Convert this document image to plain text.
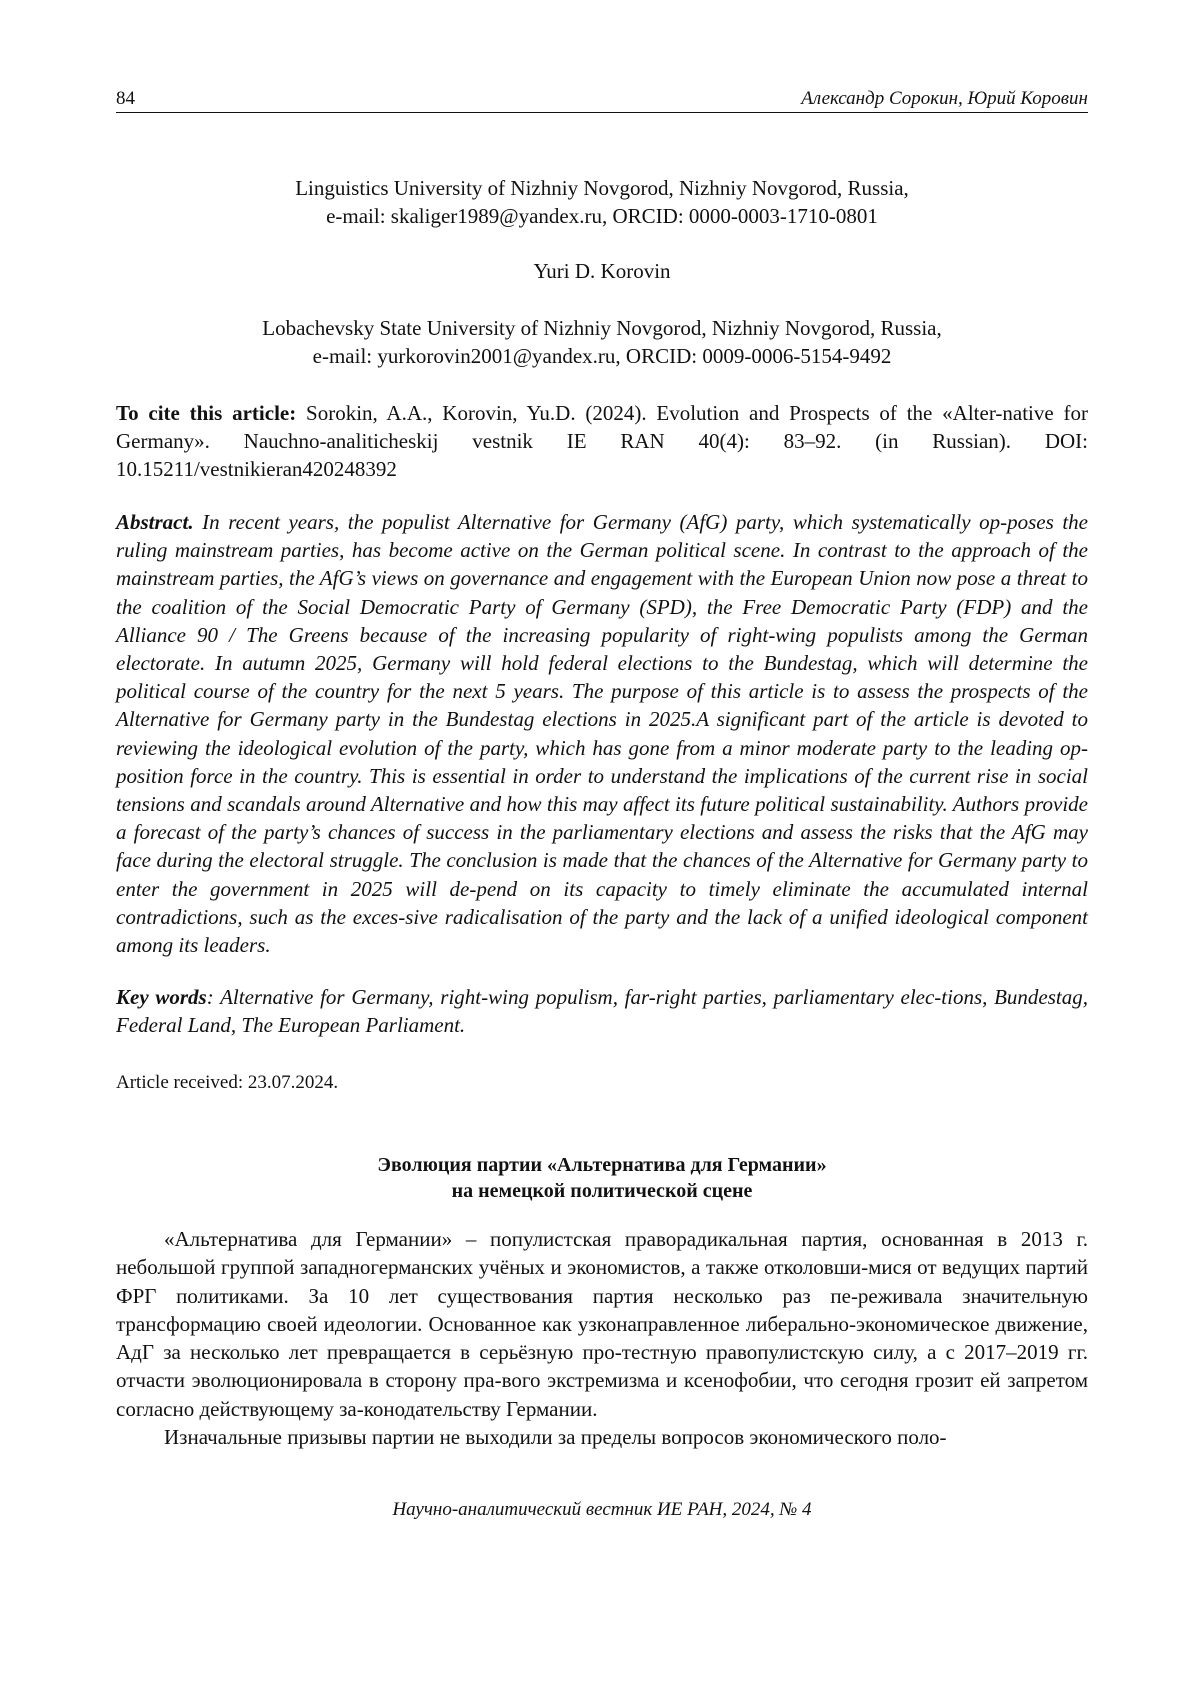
84	Александр Сорокин, Юрий Коровин
Linguistics University of Nizhniy Novgorod, Nizhniy Novgorod, Russia,
e-mail: skaliger1989@yandex.ru, ORCID: 0000-0003-1710-0801
Yuri D. Korovin
Lobachevsky State University of Nizhniy Novgorod, Nizhniy Novgorod, Russia,
e-mail: yurkorovin2001@yandex.ru, ORCID: 0009-0006-5154-9492
To cite this article: Sorokin, A.A., Korovin, Yu.D. (2024). Evolution and Prospects of the «Alter-native for Germany». Nauchno-analiticheskij vestnik IE RAN 40(4): 83–92. (in Russian). DOI: 10.15211/vestnikieran420248392
Abstract. In recent years, the populist Alternative for Germany (AfG) party, which systematically op-poses the ruling mainstream parties, has become active on the German political scene. In contrast to the approach of the mainstream parties, the AfG’s views on governance and engagement with the European Union now pose a threat to the coalition of the Social Democratic Party of Germany (SPD), the Free Democratic Party (FDP) and the Alliance 90 / The Greens because of the increasing popularity of right-wing populists among the German electorate. In autumn 2025, Germany will hold federal elections to the Bundestag, which will determine the political course of the country for the next 5 years. The purpose of this article is to assess the prospects of the Alternative for Germany party in the Bundestag elections in 2025.A significant part of the article is devoted to reviewing the ideological evolution of the party, which has gone from a minor moderate party to the leading op-position force in the country. This is essential in order to understand the implications of the current rise in social tensions and scandals around Alternative and how this may affect its future political sustainability. Authors provide a forecast of the party’s chances of success in the parliamentary elections and assess the risks that the AfG may face during the electoral struggle. The conclusion is made that the chances of the Alternative for Germany party to enter the government in 2025 will de-pend on its capacity to timely eliminate the accumulated internal contradictions, such as the exces-sive radicalisation of the party and the lack of a unified ideological component among its leaders.
Key words: Alternative for Germany, right-wing populism, far-right parties, parliamentary elec-tions, Bundestag, Federal Land, The European Parliament.
Article received: 23.07.2024.
Эволюция партии «Альтернатива для Германии»
на немецкой политической сцене

«Альтернатива для Германии» – популистская праворадикальная партия, основанная в 2013 г. небольшой группой западногерманских учёных и экономистов, а также отколовши-мися от ведущих партий ФРГ политиками. За 10 лет существования партия несколько раз пе-реживала значительную трансформацию своей идеологии. Основанное как узконаправленное либерально-экономическое движение, АдГ за несколько лет превращается в серьёзную про-тестную правопулистскую силу, а с 2017–2019 гг. отчасти эволюционировала в сторону пра-вого экстремизма и ксенофобии, что сегодня грозит ей запретом согласно действующему за-конодательству Германии.

Изначальные призывы партии не выходили за пределы вопросов экономического поло-

Научно-аналитический вестник ИЕ РАН, 2024, № 4
